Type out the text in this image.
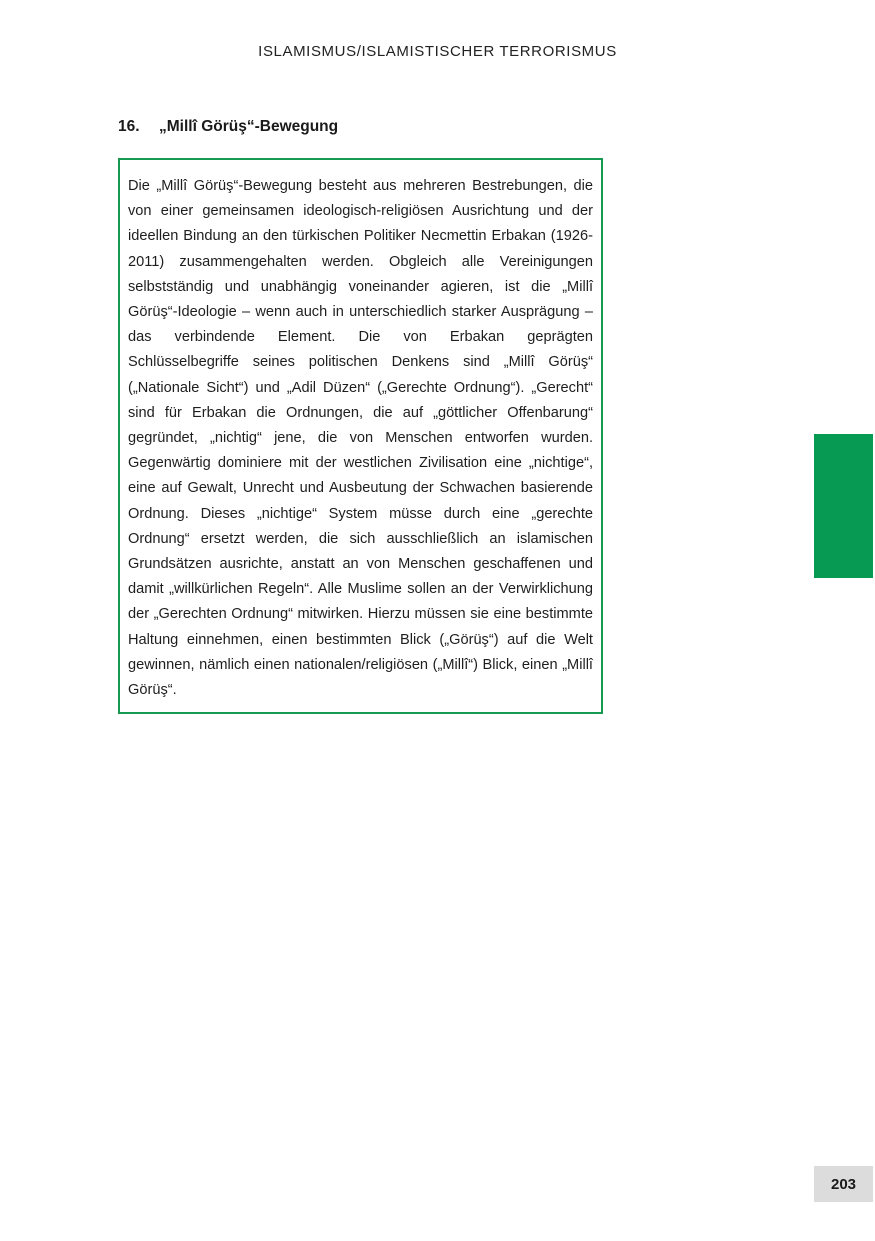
ISLAMISMUS/ISLAMISTISCHER TERRORISMUS
16. „Millî Görüş“-Bewegung

Die „Millî Görüş“-Bewegung besteht aus mehreren Bestrebungen, die von einer gemeinsamen ideologisch-religiösen Ausrichtung und der ideellen Bindung an den türkischen Politiker Necmettin Erbakan (1926-2011) zusammengehalten werden. Obgleich alle Vereinigungen selbstständig und unabhängig voneinander agieren, ist die „Millî Görüş“-Ideologie – wenn auch in unterschiedlich starker Ausprägung – das verbindende Element. Die von Erbakan geprägten Schlüsselbegriffe seines politischen Denkens sind „Millî Görüş“ („Nationale Sicht“) und „Adil Düzen“ („Gerechte Ordnung“). „Gerecht“ sind für Erbakan die Ordnungen, die auf „göttlicher Offenbarung“ gegründet, „nichtig“ jene, die von Menschen entworfen wurden. Gegenwärtig dominiere mit der westlichen Zivilisation eine „nichtige“, eine auf Gewalt, Unrecht und Ausbeutung der Schwachen basierende Ordnung. Dieses „nichtige“ System müsse durch eine „gerechte Ordnung“ ersetzt werden, die sich ausschließlich an islamischen Grundsätzen ausrichte, anstatt an von Menschen geschaffenen und damit „willkürlichen Regeln“. Alle Muslime sollen an der Verwirklichung der „Gerechten Ordnung“ mitwirken. Hierzu müssen sie eine bestimmte Haltung einnehmen, einen bestimmten Blick („Görüş“) auf die Welt gewinnen, nämlich einen nationalen/religiösen („Millî“) Blick, einen „Millî Görüş“.

203
